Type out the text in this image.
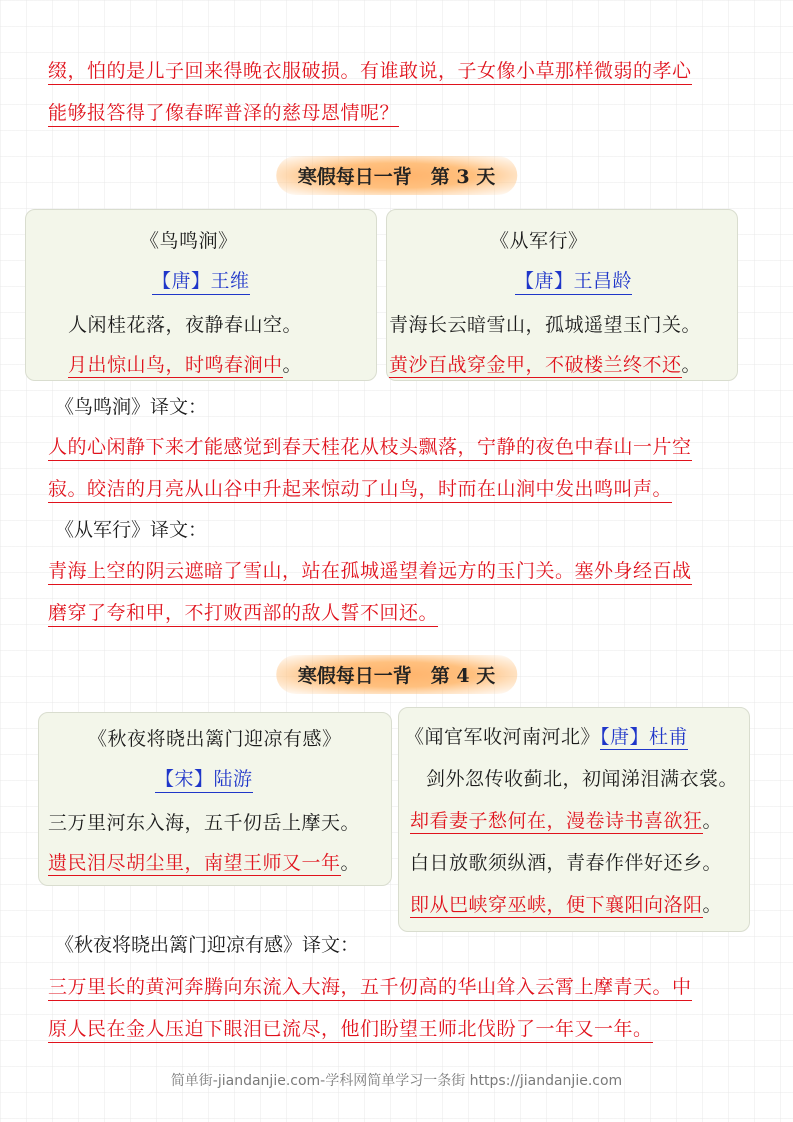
缀，怕的是儿子回来得晚衣服破损。有谁敢说，子女像小草那样微弱的孝心
能够报答得了像春晖普泽的慈母恩情呢？
寒假每日一背　第 3 天
《鸟鸣涧》
【唐】王维
人闲桂花落，夜静春山空。
月出惊山鸟，时鸣春涧中。
《从军行》
【唐】王昌龄
青海长云暗雪山，孤城遥望玉门关。
黄沙百战穿金甲，不破楼兰终不还。
《鸟鸣涧》译文：
人的心闲静下来才能感觉到春天桂花从枝头飘落，宁静的夜色中春山一片空
寂。皎洁的月亮从山谷中升起来惊动了山鸟，时而在山涧中发出鸣叫声。
《从军行》译文：
青海上空的阴云遮暗了雪山，站在孤城遥望着远方的玉门关。塞外身经百战
磨穿了夸和甲，不打败西部的敌人誓不回还。
寒假每日一背　第 4 天
《秋夜将晓出篱门迎凉有感》
【宋】陆游
三万里河东入海，五千仞岳上摩天。
遗民泪尽胡尘里，南望王师又一年。
《闻官军收河南河北》【唐】杜甫
剑外忽传收蓟北，初闻涕泪满衣裳。
却看妻子愁何在，漫卷诗书喜欲狂。
白日放歌须纵酒，青春作伴好还乡。
即从巴峡穿巫峡，便下襄阳向洛阳。
《秋夜将晓出篱门迎凉有感》译文：
三万里长的黄河奔腾向东流入大海，五千仞高的华山耸入云霄上摩青天。中
原人民在金人压迫下眼泪已流尽，他们盼望王师北伐盼了一年又一年。
简单街-jiandanjie.com-学科网简单学习一条街 https://jiandanjie.com
